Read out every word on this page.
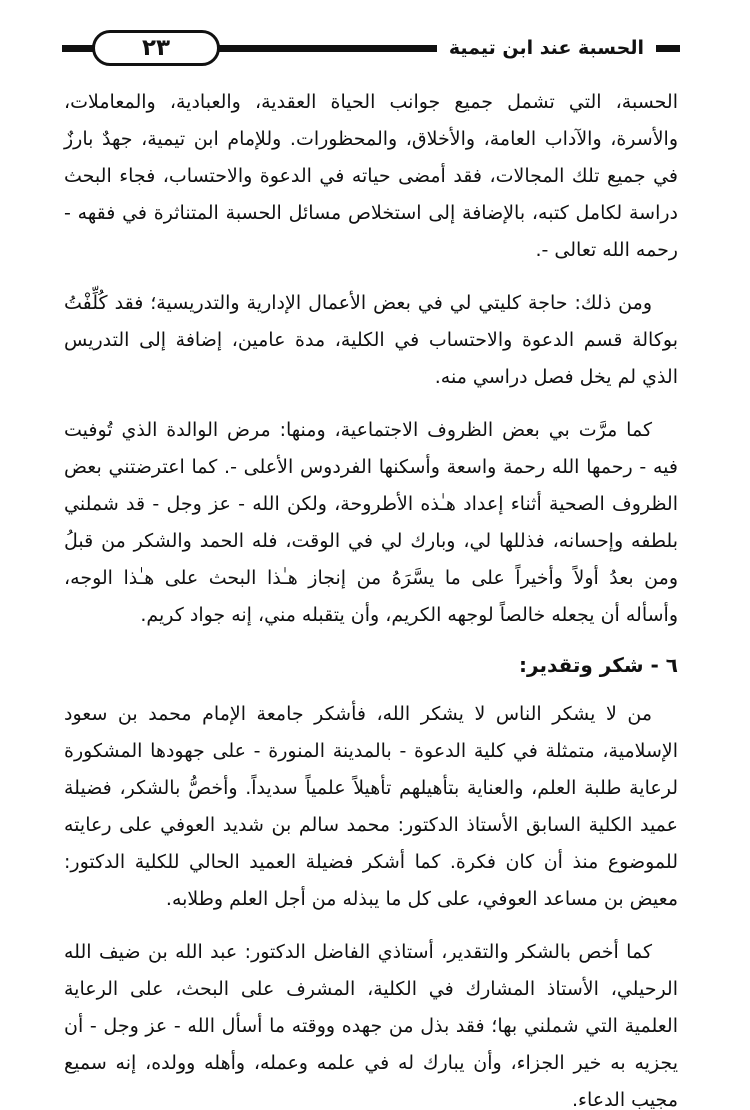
٢٣	الحسبة عند ابن تيمية

الحسبة، التي تشمل جميع جوانب الحياة العقدية، والعبادية، والمعاملات، والأسرة، والآداب العامة، والأخلاق، والمحظورات. وللإمام ابن تيمية، جهدٌ بارزٌ في جميع تلك المجالات، فقد أمضى حياته في الدعوة والاحتساب، فجاء البحث دراسة لكامل كتبه، بالإضافة إلى استخلاص مسائل الحسبة المتناثرة في فقهه - رحمه الله تعالى -.

ومن ذلك: حاجة كليتي لي في بعض الأعمال الإدارية والتدريسية؛ فقد كُلِّفْتُ بوكالة قسم الدعوة والاحتساب في الكلية، مدة عامين، إضافة إلى التدريس الذي لم يخل فصل دراسي منه.

كما مرَّت بي بعض الظروف الاجتماعية، ومنها: مرض الوالدة الذي تُوفيت فيه - رحمها الله رحمة واسعة وأسكنها الفردوس الأعلى -. كما اعترضتني بعض الظروف الصحية أثناء إعداد هـٰذه الأطروحة، ولكن الله - عز وجل - قد شملني بلطفه وإحسانه، فذللها لي، وبارك لي في الوقت، فله الحمد والشكر من قبلُ ومن بعدُ أولاً وأخيراً على ما يسَّرَهُ من إنجاز هـٰذا البحث على هـٰذا الوجه، وأسأله أن يجعله خالصاً لوجهه الكريم، وأن يتقبله مني، إنه جواد كريم.

٦ - شكر وتقدير:

من لا يشكر الناس لا يشكر الله، فأشكر جامعة الإمام محمد بن سعود الإسلامية، متمثلة في كلية الدعوة - بالمدينة المنورة - على جهودها المشكورة لرعاية طلبة العلم، والعناية بتأهيلهم تأهيلاً علمياً سديداً. وأخصُّ بالشكر، فضيلة عميد الكلية السابق الأستاذ الدكتور: محمد سالم بن شديد العوفي على رعايته للموضوع منذ أن كان فكرة. كما أشكر فضيلة العميد الحالي للكلية الدكتور: معيض بن مساعد العوفي، على كل ما يبذله من أجل العلم وطلابه.

كما أخص بالشكر والتقدير، أستاذي الفاضل الدكتور: عبد الله بن ضيف الله الرحيلي، الأستاذ المشارك في الكلية، المشرف على البحث، على الرعاية العلمية التي شملني بها؛ فقد بذل من جهده ووقته ما أسأل الله - عز وجل - أن يجزيه به خير الجزاء، وأن يبارك له في علمه وعمله، وأهله وولده، إنه سميع مجيب الدعاء.
